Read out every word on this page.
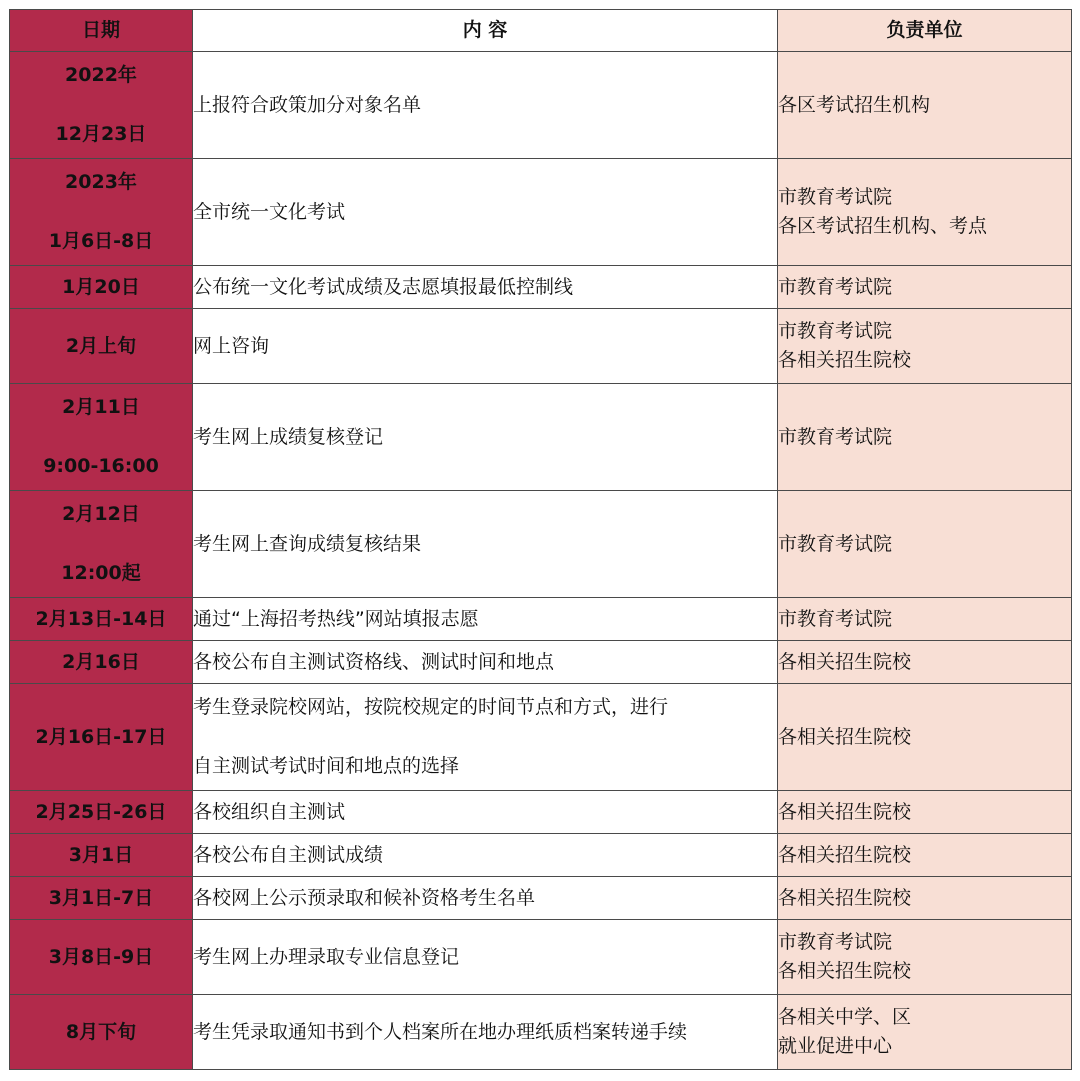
日期	内 容	负责单位

2022年
12月23日	上报符合政策加分对象名单	各区考试招生机构

2023年
1月6日-8日	全市统一文化考试	市教育考试院
各区考试招生机构、考点

1月20日	公布统一文化考试成绩及志愿填报最低控制线	市教育考试院

2月上旬	网上咨询	市教育考试院
各相关招生院校

2月11日
9:00-16:00	考生网上成绩复核登记	市教育考试院

2月12日
12:00起	考生网上查询成绩复核结果	市教育考试院

2月13日-14日	通过“上海招考热线”网站填报志愿	市教育考试院

2月16日	各校公布自主测试资格线、测试时间和地点	各相关招生院校

2月16日-17日	考生登录院校网站，按院校规定的时间节点和方式，进行
自主测试考试时间和地点的选择	各相关招生院校

2月25日-26日	各校组织自主测试	各相关招生院校

3月1日	各校公布自主测试成绩	各相关招生院校

3月1日-7日	各校网上公示预录取和候补资格考生名单	各相关招生院校

3月8日-9日	考生网上办理录取专业信息登记	市教育考试院
各相关招生院校

8月下旬	考生凭录取通知书到个人档案所在地办理纸质档案转递手续	各相关中学、区
就业促进中心
